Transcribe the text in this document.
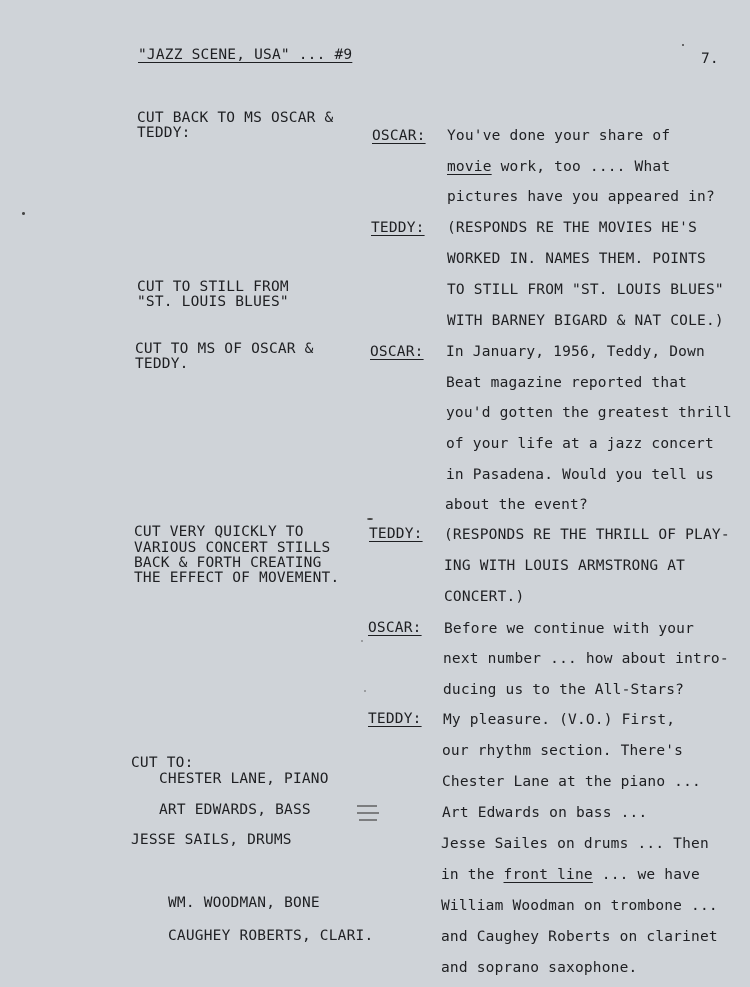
"JAZZ SCENE, USA" ... #9	7.
CUT BACK TO MS OSCAR &
TEDDY:
CUT TO STILL FROM
"ST. LOUIS BLUES"
CUT TO MS OF OSCAR &
TEDDY.
CUT VERY QUICKLY TO
VARIOUS CONCERT STILLS
BACK & FORTH CREATING
THE EFFECT OF MOVEMENT.
CUT TO:
CHESTER LANE, PIANO
ART EDWARDS, BASS
JESSE SAILS, DRUMS
WM. WOODMAN, BONE
CAUGHEY ROBERTS, CLARI.
OSCAR:
TEDDY:
OSCAR:
TEDDY:
OSCAR:
TEDDY:
You've done your share of
movie work, too .... What
pictures have you appeared in?
(RESPONDS RE THE MOVIES HE'S
WORKED IN. NAMES THEM. POINTS
TO STILL FROM "ST. LOUIS BLUES"
WITH BARNEY BIGARD & NAT COLE.)
In January, 1956, Teddy, Down
Beat magazine reported that
you'd gotten the greatest thrill
of your life at a jazz concert
in Pasadena. Would you tell us
about the event?
(RESPONDS RE THE THRILL OF PLAY-
ING WITH LOUIS ARMSTRONG AT
CONCERT.)
Before we continue with your
next number ... how about intro-
ducing us to the All-Stars?
My pleasure. (V.O.) First,
our rhythm section. There's
Chester Lane at the piano ...
Art Edwards on bass ...
Jesse Sailes on drums ... Then
in the front line ... we have
William Woodman on trombone ...
and Caughey Roberts on clarinet
and soprano saxophone.
